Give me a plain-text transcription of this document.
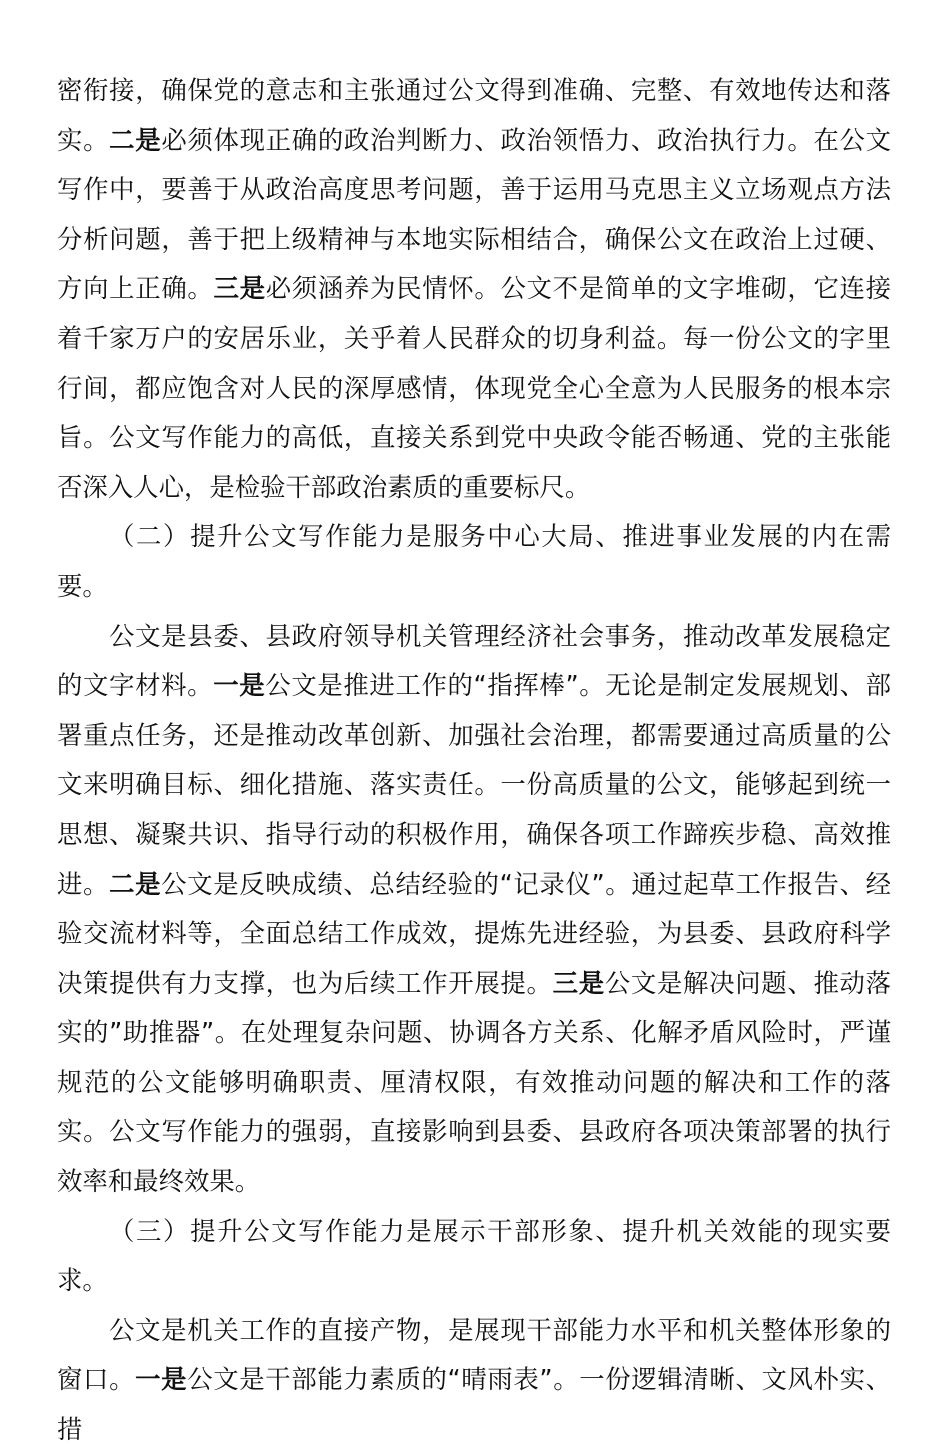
密衔接，确保党的意志和主张通过公文得到准确、完整、有效地传达和落实。二是必须体现正确的政治判断力、政治领悟力、政治执行力。在公文写作中，要善于从政治高度思考问题，善于运用马克思主义立场观点方法分析问题，善于把上级精神与本地实际相结合，确保公文在政治上过硬、方向上正确。三是必须涵养为民情怀。公文不是简单的文字堆砌，它连接着千家万户的安居乐业，关乎着人民群众的切身利益。每一份公文的字里行间，都应饱含对人民的深厚感情，体现党全心全意为人民服务的根本宗旨。公文写作能力的高低，直接关系到党中央政令能否畅通、党的主张能否深入人心，是检验干部政治素质的重要标尺。

（二）提升公文写作能力是服务中心大局、推进事业发展的内在需要。

公文是县委、县政府领导机关管理经济社会事务，推动改革发展稳定的文字材料。一是公文是推进工作的“指挥棒”。无论是制定发展规划、部署重点任务，还是推动改革创新、加强社会治理，都需要通过高质量的公文来明确目标、细化措施、落实责任。一份高质量的公文，能够起到统一思想、凝聚共识、指导行动的积极作用，确保各项工作蹄疾步稳、高效推进。二是公文是反映成绩、总结经验的“记录仪”。通过起草工作报告、经验交流材料等，全面总结工作成效，提炼先进经验，为县委、县政府科学决策提供有力支撑，也为后续工作开展提。三是公文是解决问题、推动落实的”助推器”。在处理复杂问题、协调各方关系、化解矛盾风险时，严谨规范的公文能够明确职责、厘清权限，有效推动问题的解决和工作的落实。公文写作能力的强弱，直接影响到县委、县政府各项决策部署的执行效率和最终效果。

（三）提升公文写作能力是展示干部形象、提升机关效能的现实要求。

公文是机关工作的直接产物，是展现干部能力水平和机关整体形象的窗口。一是公文是干部能力素质的“晴雨表”。一份逻辑清晰、文风朴实、措
